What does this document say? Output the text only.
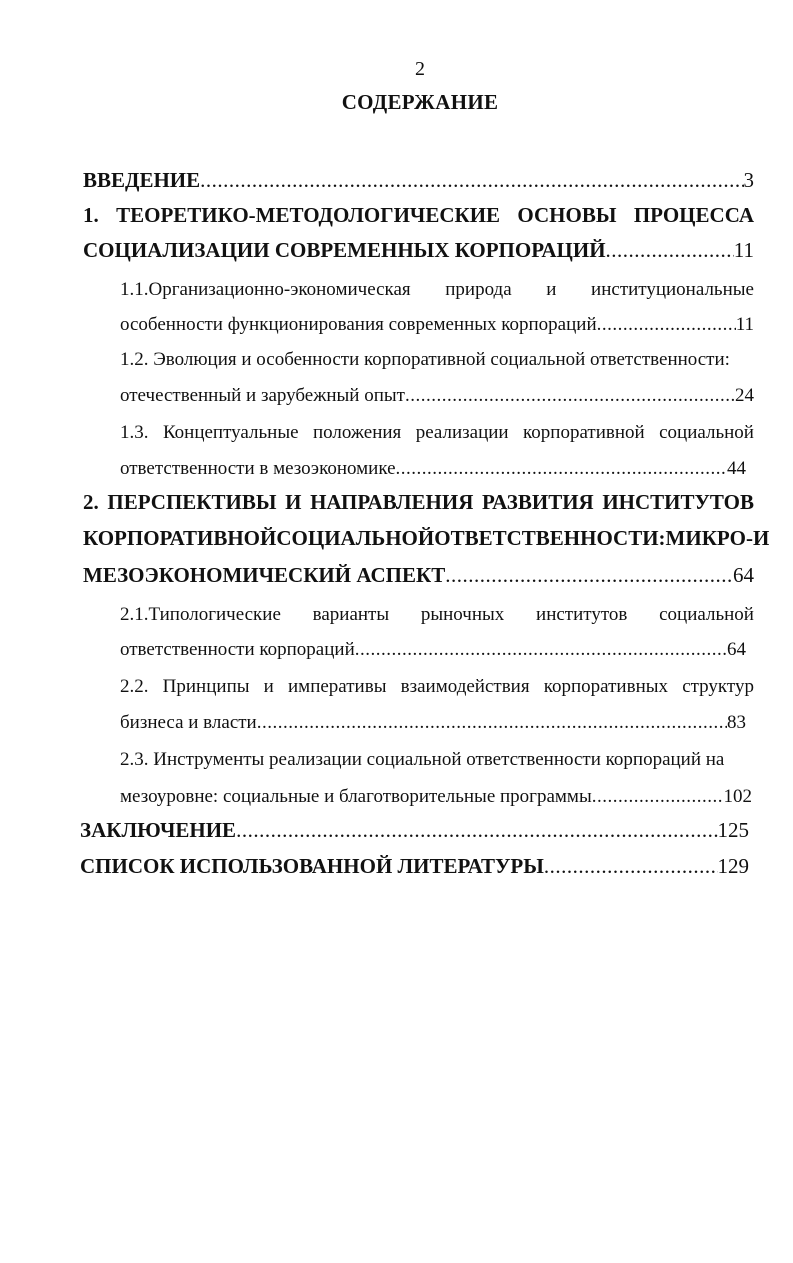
2
СОДЕРЖАНИЕ
ВВЕДЕНИЕ .....	3
1. ТЕОРЕТИКО-МЕТОДОЛОГИЧЕСКИЕ ОСНОВЫ ПРОЦЕССА
СОЦИАЛИЗАЦИИ СОВРЕМЕННЫХ КОРПОРАЦИЙ .....	11
1.1.Организационно-экономическая природа и институциональные
особенности функционирования современных корпораций .....	11
1.2. Эволюция и особенности корпоративной социальной ответственности:
отечественный и зарубежный опыт .....	24
1.3. Концептуальные положения реализации корпоративной социальной
ответственности в мезоэкономике .....	44
2. ПЕРСПЕКТИВЫ И НАПРАВЛЕНИЯ РАЗВИТИЯ ИНСТИТУТОВ
КОРПОРАТИВНОЙ СОЦИАЛЬНОЙ ОТВЕТСТВЕННОСТИ: МИКРО- И
МЕЗОЭКОНОМИЧЕСКИЙ АСПЕКТ .....	64
2.1.Типологические варианты рыночных институтов социальной
ответственности корпораций .....	64
2.2. Принципы и императивы взаимодействия корпоративных структур
бизнеса и власти .....	83
2.3. Инструменты реализации социальной ответственности корпораций на
мезоуровне: социальные и благотворительные программы .....	102
ЗАКЛЮЧЕНИЕ .....	125
СПИСОК ИСПОЛЬЗОВАННОЙ ЛИТЕРАТУРЫ .....	129
